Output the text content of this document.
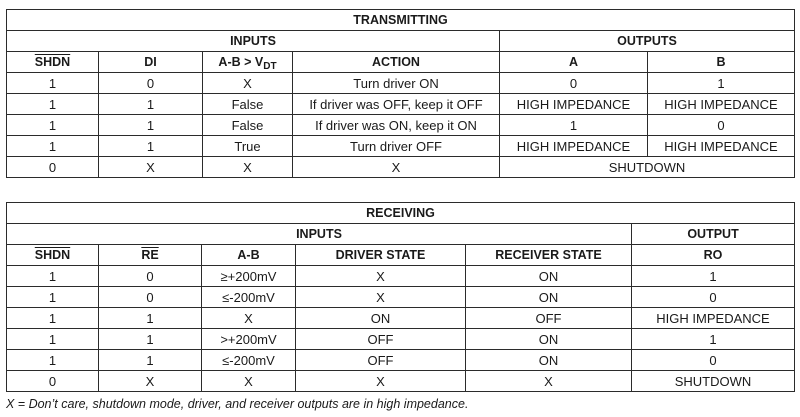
TRANSMITTING					
INPUTS				OUTPUTS	
SHDN	DI	$A-B > V_{DT}$	ACTION	A	B
1	0	X	Turn driver ON	0	1
1	1	False	If driver was OFF, keep it OFF	HIGH IMPEDANCE	HIGH IMPEDANCE
1	1	False	If driver was ON, keep it ON	1	0
1	1	True	Turn driver OFF	HIGH IMPEDANCE	HIGH IMPEDANCE
0	X	X	X	SHUTDOWN	
RECEIVING					
INPUTS					OUTPUT
SHDN	$\overline{RE}$	A-B	DRIVER STATE	RECEIVER STATE	RO
1	0	≥+200mV	X	ON	1
1	0	≤-200mV	X	ON	0
1	1	X	ON	OFF	HIGH IMPEDANCE
1	1	>+200mV	OFF	ON	1
1	1	≤-200mV	OFF	ON	0
0	X	X	X	X	SHUTDOWN

X = Don’t care, shutdown mode, driver, and receiver outputs are in high impedance.
